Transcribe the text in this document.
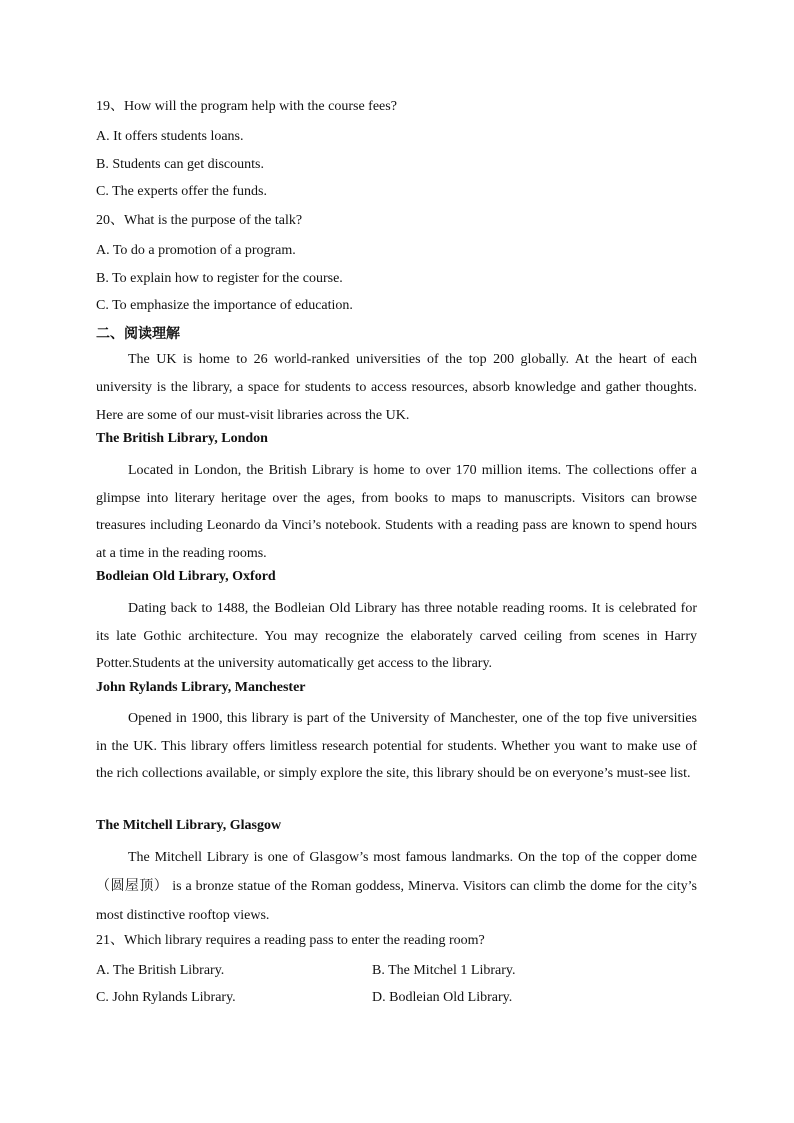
19、How will the program help with the course fees?
A. It offers students loans.
B. Students can get discounts.
C. The experts offer the funds.
20、What is the purpose of the talk?
A. To do a promotion of a program.
B. To explain how to register for the course.
C. To emphasize the importance of education.
二、阅读理解

The UK is home to 26 world-ranked universities of the top 200 globally. At the heart of each university is the library, a space for students to access resources, absorb knowledge and gather thoughts. Here are some of our must-visit libraries across the UK.

The British Library, London

Located in London, the British Library is home to over 170 million items. The collections offer a glimpse into literary heritage over the ages, from books to maps to manuscripts. Visitors can browse treasures including Leonardo da Vinci’s notebook. Students with a reading pass are known to spend hours at a time in the reading rooms.

Bodleian Old Library, Oxford

Dating back to 1488, the Bodleian Old Library has three notable reading rooms. It is celebrated for its late Gothic architecture. You may recognize the elaborately carved ceiling from scenes in Harry Potter.Students at the university automatically get access to the library.

John Rylands Library, Manchester

Opened in 1900, this library is part of the University of Manchester, one of the top five universities in the UK. This library offers limitless research potential for students. Whether you want to make use of the rich collections available, or simply explore the site, this library should be on everyone’s must-see list.

The Mitchell Library, Glasgow

The Mitchell Library is one of Glasgow’s most famous landmarks. On the top of the copper dome（圆屋顶） is a bronze statue of the Roman goddess, Minerva. Visitors can climb the dome for the city’s most distinctive rooftop views.

21、Which library requires a reading pass to enter the reading room?
A. The British Library.	B. The Mitchel 1 Library.
C. John Rylands Library.	D. Bodleian Old Library.
